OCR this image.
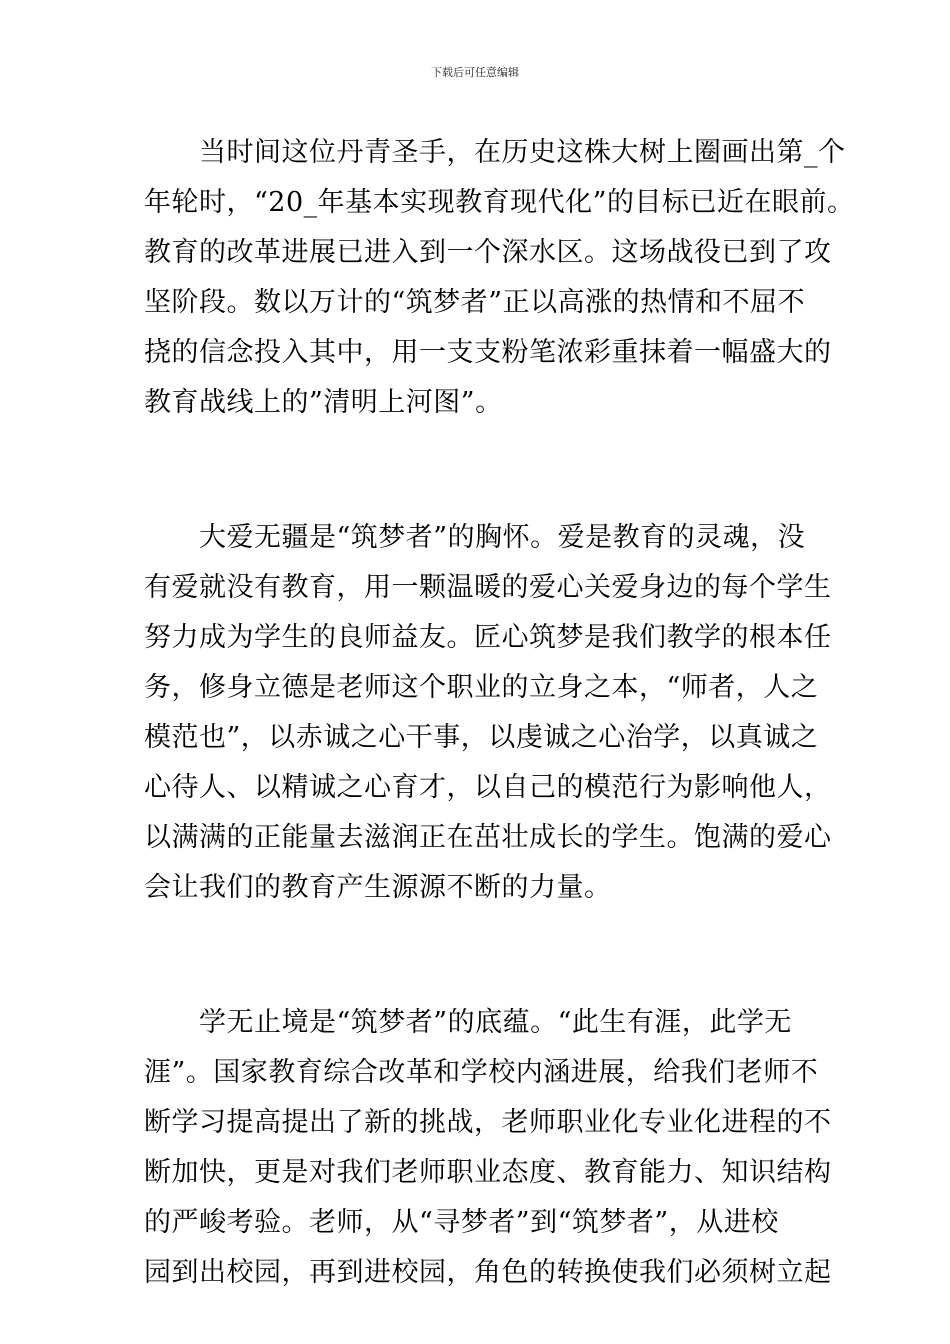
下载后可任意编辑
　　当时间这位丹青圣手，在历史这株大树上圈画出第_个
年轮时，“20_年基本实现教育现代化”的目标已近在眼前。
教育的改革进展已进入到一个深水区。这场战役已到了攻
坚阶段。数以万计的“筑梦者”正以高涨的热情和不屈不
挠的信念投入其中，用一支支粉笔浓彩重抹着一幅盛大的
教育战线上的”清明上河图”。
　　大爱无疆是“筑梦者”的胸怀。爱是教育的灵魂，没
有爱就没有教育，用一颗温暖的爱心关爱身边的每个学生
努力成为学生的良师益友。匠心筑梦是我们教学的根本任
务，修身立德是老师这个职业的立身之本，“师者，人之
模范也”，以赤诚之心干事，以虔诚之心治学，以真诚之
心待人、以精诚之心育才，以自己的模范行为影响他人，
以满满的正能量去滋润正在茁壮成长的学生。饱满的爱心
会让我们的教育产生源源不断的力量。
　　学无止境是“筑梦者”的底蕴。“此生有涯，此学无
涯”。国家教育综合改革和学校内涵进展，给我们老师不
断学习提高提出了新的挑战，老师职业化专业化进程的不
断加快，更是对我们老师职业态度、教育能力、知识结构
的严峻考验。老师，从“寻梦者”到“筑梦者”，从进校
园到出校园，再到进校园，角色的转换使我们必须树立起
